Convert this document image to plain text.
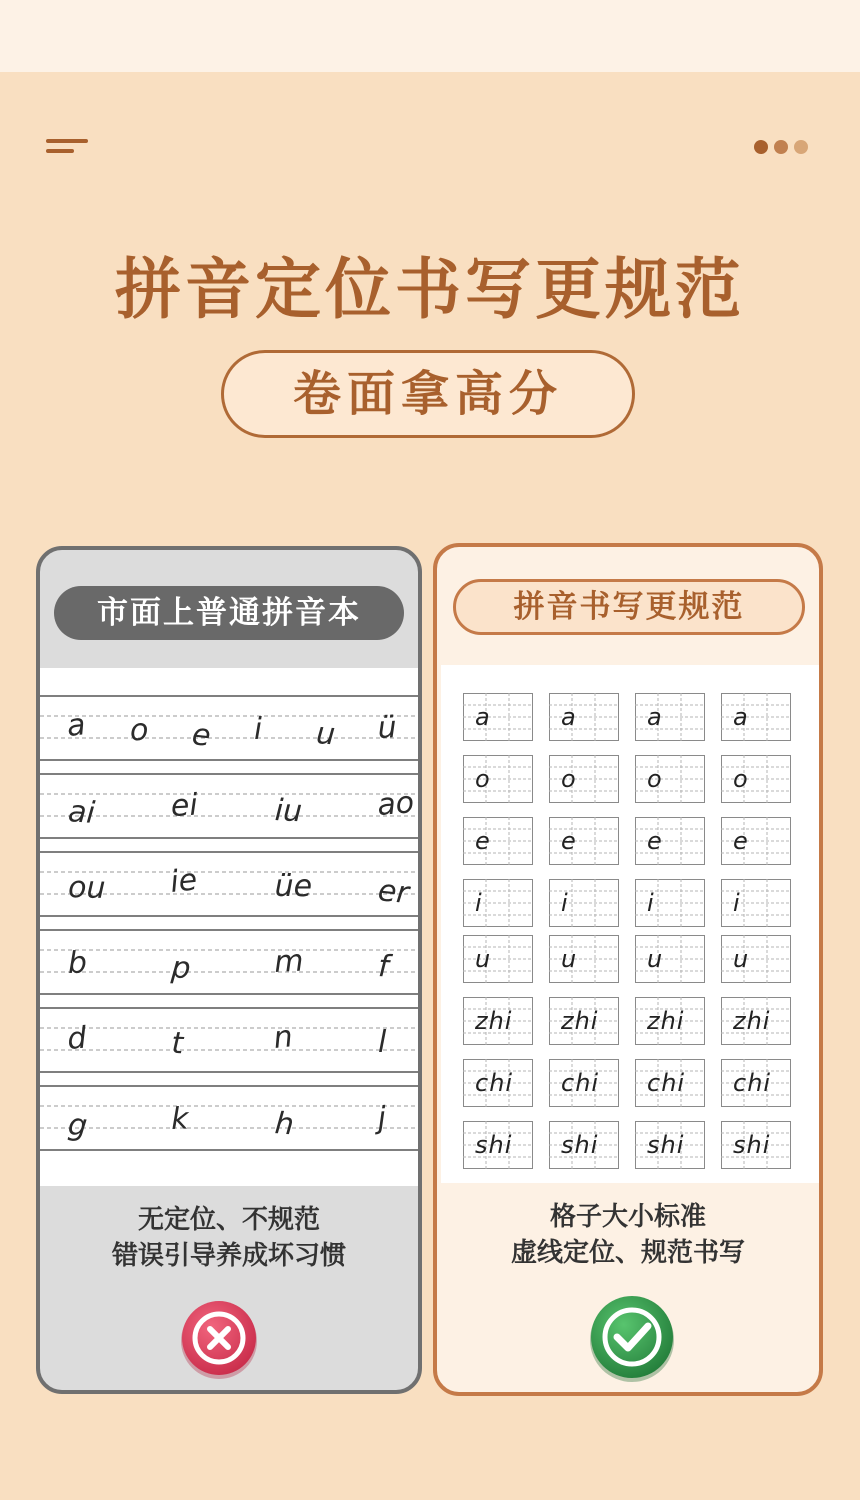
拼音定位书写更规范
卷面拿高分
市面上普通拼音本
a o e i u ü
ai ei	iu ao
ou ie	üe er
b	p	m f
d	t	n	l
g	k	h	j
无定位、不规范
错误引导养成坏习惯
拼音书写更规范
a	a	a	a
o	o	o	o
e	e	e	e
i	i	i	i
u	u	u	u
zhi	zhi	zhi	zhi
chi	chi	chi	chi
shi	shi	shi	shi
格子大小标准
虚线定位、规范书写
